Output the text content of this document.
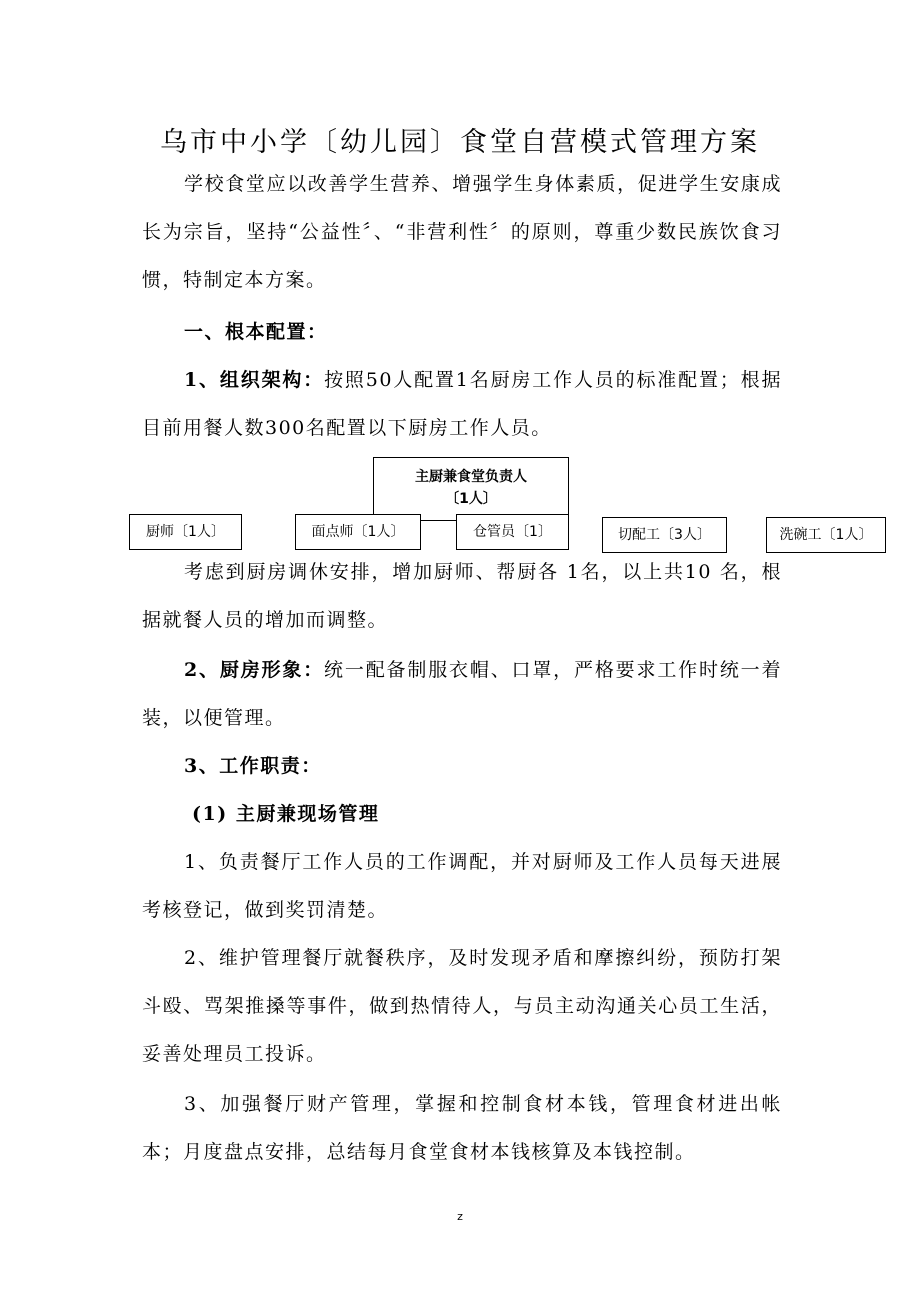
乌市中小学〔幼儿园〕食堂自营模式管理方案
学校食堂应以改善学生营养、增强学生身体素质，促进学生安康成长为宗旨，坚持“公益性〞、“非营利性〞的原则，尊重少数民族饮食习惯，特制定本方案。
一、根本配置：
1、组织架构：按照50人配置1名厨房工作人员的标准配置；根据目前用餐人数300名配置以下厨房工作人员。
主厨兼食堂负责人
〔1人〕
厨师〔1人〕	面点师〔1人〕	仓管员〔1〕	切配工〔3人〕	洗碗工〔1人〕
考虑到厨房调休安排，增加厨师、帮厨各 1名，以上共10 名，根据就餐人员的增加而调整。
2、厨房形象：统一配备制服衣帽、口罩，严格要求工作时统一着装，以便管理。
3、工作职责：
(1) 主厨兼现场管理
1、负责餐厅工作人员的工作调配，并对厨师及工作人员每天进展考核登记，做到奖罚清楚。
2、维护管理餐厅就餐秩序，及时发现矛盾和摩擦纠纷，预防打架斗殴、骂架推搡等事件，做到热情待人，与员主动沟通关心员工生活，妥善处理员工投诉。
3、加强餐厅财产管理，掌握和控制食材本钱，管理食材进出帐本；月度盘点安排，总结每月食堂食材本钱核算及本钱控制。
z
